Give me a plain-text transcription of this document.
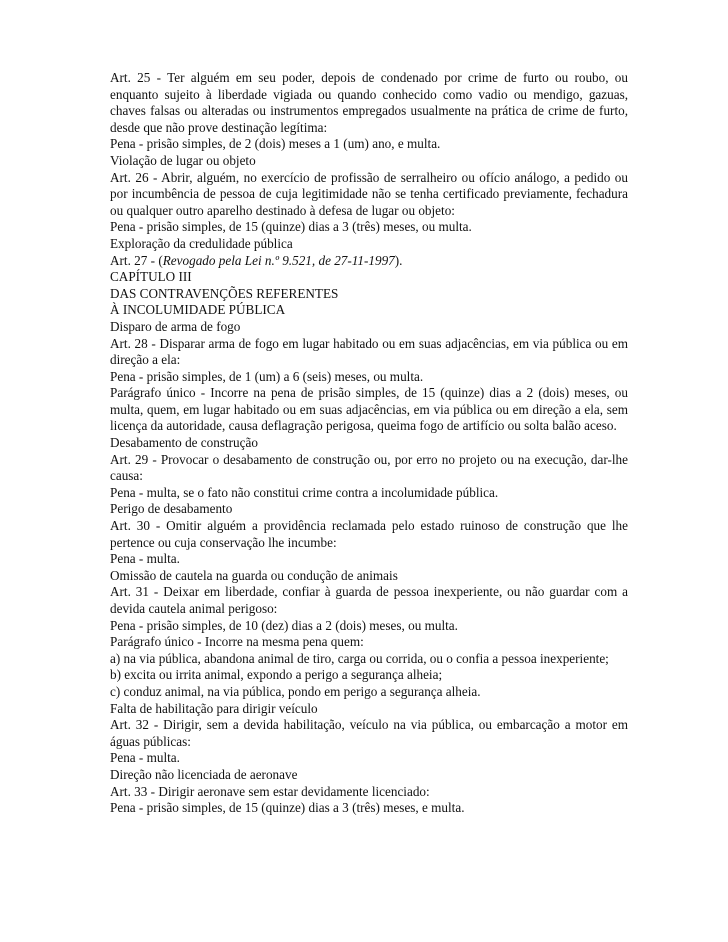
Art. 25 - Ter alguém em seu poder, depois de condenado por crime de furto ou roubo, ou enquanto sujeito à liberdade vigiada ou quando conhecido como vadio ou mendigo, gazuas, chaves falsas ou alteradas ou instrumentos empregados usualmente na prática de crime de furto, desde que não prove destinação legítima:

Pena - prisão simples, de 2 (dois) meses a 1 (um) ano, e multa.

Violação de lugar ou objeto

Art. 26 - Abrir, alguém, no exercício de profissão de serralheiro ou ofício análogo, a pedido ou por incumbência de pessoa de cuja legitimidade não se tenha certificado previamente, fechadura ou qualquer outro aparelho destinado à defesa de lugar ou objeto:

Pena - prisão simples, de 15 (quinze) dias a 3 (três) meses, ou multa.

Exploração da credulidade pública

Art. 27 - (Revogado pela Lei n.º 9.521, de 27-11-1997).

CAPÍTULO III

DAS CONTRAVENÇÕES REFERENTES

À INCOLUMIDADE PÚBLICA

Disparo de arma de fogo

Art. 28 - Disparar arma de fogo em lugar habitado ou em suas adjacências, em via pública ou em direção a ela:

Pena - prisão simples, de 1 (um) a 6 (seis) meses, ou multa.

Parágrafo único - Incorre na pena de prisão simples, de 15 (quinze) dias a 2 (dois) meses, ou multa, quem, em lugar habitado ou em suas adjacências, em via pública ou em direção a ela, sem licença da autoridade, causa deflagração perigosa, queima fogo de artifício ou solta balão aceso.

Desabamento de construção

Art. 29 - Provocar o desabamento de construção ou, por erro no projeto ou na execução, dar-lhe causa:

Pena - multa, se o fato não constitui crime contra a incolumidade pública.

Perigo de desabamento

Art. 30 - Omitir alguém a providência reclamada pelo estado ruinoso de construção que lhe pertence ou cuja conservação lhe incumbe:

Pena - multa.

Omissão de cautela na guarda ou condução de animais

Art. 31 - Deixar em liberdade, confiar à guarda de pessoa inexperiente, ou não guardar com a devida cautela animal perigoso:

Pena - prisão simples, de 10 (dez) dias a 2 (dois) meses, ou multa.

Parágrafo único - Incorre na mesma pena quem:

a) na via pública, abandona animal de tiro, carga ou corrida, ou o confia a pessoa inexperiente;

b) excita ou irrita animal, expondo a perigo a segurança alheia;

c) conduz animal, na via pública, pondo em perigo a segurança alheia.

Falta de habilitação para dirigir veículo

Art. 32 - Dirigir, sem a devida habilitação, veículo na via pública, ou embarcação a motor em águas públicas:

Pena - multa.

Direção não licenciada de aeronave

Art. 33 - Dirigir aeronave sem estar devidamente licenciado:

Pena - prisão simples, de 15 (quinze) dias a 3 (três) meses, e multa.
